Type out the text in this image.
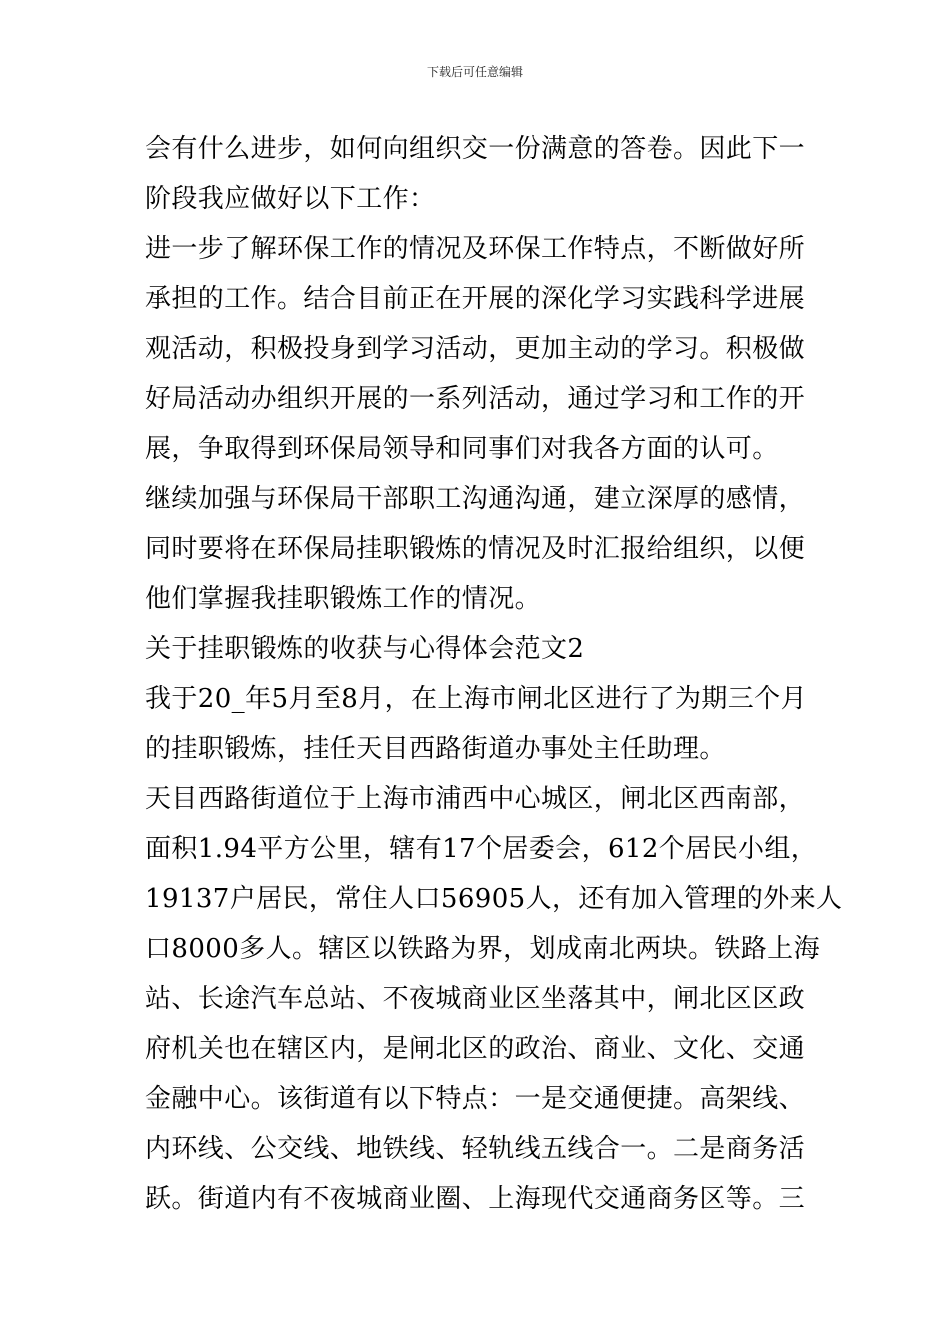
下载后可任意编辑
会有什么进步，如何向组织交一份满意的答卷。因此下一
阶段我应做好以下工作：
进一步了解环保工作的情况及环保工作特点，不断做好所
承担的工作。结合目前正在开展的深化学习实践科学进展
观活动，积极投身到学习活动，更加主动的学习。积极做
好局活动办组织开展的一系列活动，通过学习和工作的开
展，争取得到环保局领导和同事们对我各方面的认可。
继续加强与环保局干部职工沟通沟通，建立深厚的感情，
同时要将在环保局挂职锻炼的情况及时汇报给组织，以便
他们掌握我挂职锻炼工作的情况。
关于挂职锻炼的收获与心得体会范文2
我于20_年5月至8月，在上海市闸北区进行了为期三个月
的挂职锻炼，挂任天目西路街道办事处主任助理。
天目西路街道位于上海市浦西中心城区，闸北区西南部，
面积1.94平方公里，辖有17个居委会，612个居民小组，
19137户居民，常住人口56905人，还有加入管理的外来人
口8000多人。辖区以铁路为界，划成南北两块。铁路上海
站、长途汽车总站、不夜城商业区坐落其中，闸北区区政
府机关也在辖区内，是闸北区的政治、商业、文化、交通
金融中心。该街道有以下特点：一是交通便捷。高架线、
内环线、公交线、地铁线、轻轨线五线合一。二是商务活
跃。街道内有不夜城商业圈、上海现代交通商务区等。三
